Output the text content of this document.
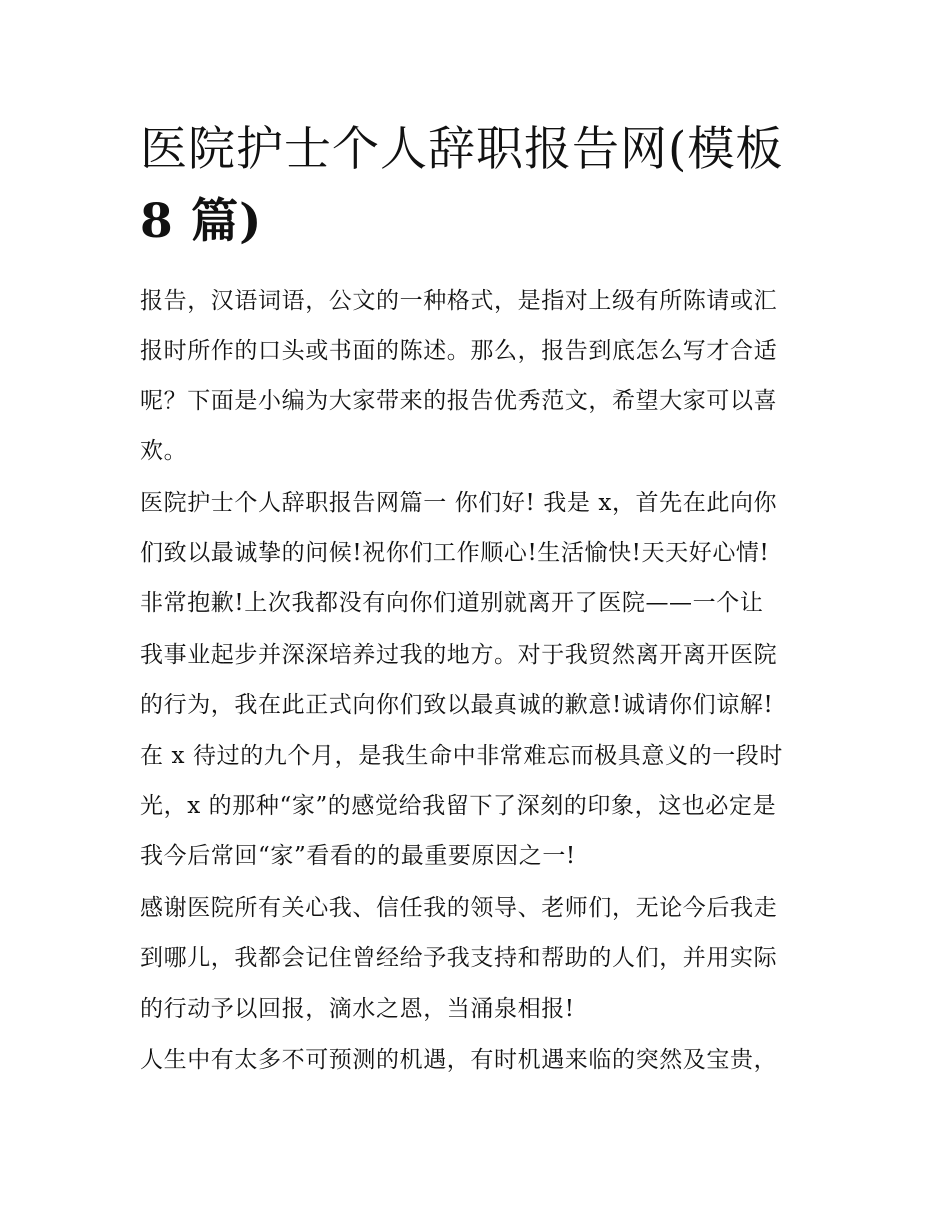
医院护士个人辞职报告网(模板
8 篇)

报告，汉语词语，公文的一种格式，是指对上级有所陈请或汇

报时所作的口头或书面的陈述。那么，报告到底怎么写才合适

呢？下面是小编为大家带来的报告优秀范文，希望大家可以喜

欢。

医院护士个人辞职报告网篇一 你们好! 我是 x，首先在此向你

们致以最诚挚的问候!祝你们工作顺心!生活愉快!天天好心情!

非常抱歉!上次我都没有向你们道别就离开了医院——一个让

我事业起步并深深培养过我的地方。对于我贸然离开离开医院

的行为，我在此正式向你们致以最真诚的歉意!诚请你们谅解!

在 x 待过的九个月，是我生命中非常难忘而极具意义的一段时

光，x 的那种“家”的感觉给我留下了深刻的印象，这也必定是

我今后常回“家”看看的的最重要原因之一!

感谢医院所有关心我、信任我的领导、老师们，无论今后我走

到哪儿，我都会记住曾经给予我支持和帮助的人们，并用实际

的行动予以回报，滴水之恩，当涌泉相报!

人生中有太多不可预测的机遇，有时机遇来临的突然及宝贵，
